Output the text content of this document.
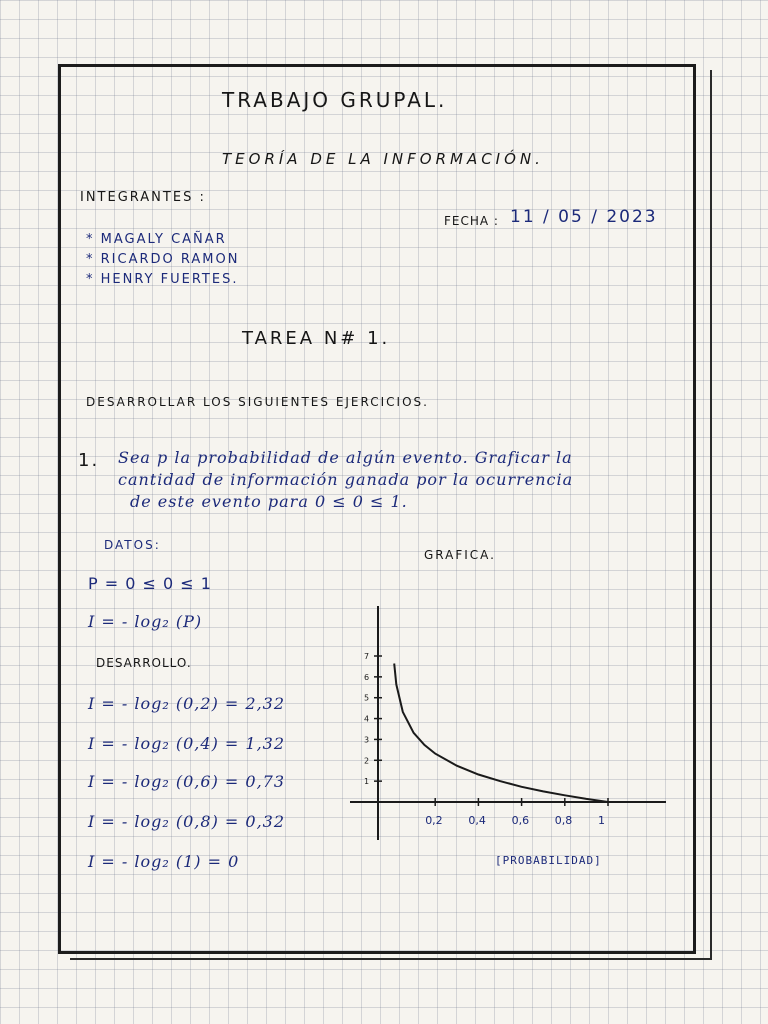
TRABAJO GRUPAL.
TEORÍA DE LA INFORMACIÓN.
INTEGRANTES :
FECHA : 11 / 05 / 2023
* MAGALY CAÑAR
* RICARDO RAMON
* HENRY FUERTES.
TAREA N# 1.
DESARROLLAR LOS SIGUIENTES EJERCICIOS.
1. Sea p la probabilidad de algún evento. Graficar la
cantidad de información ganada por la ocurrencia
de este evento para 0 ≤ 0 ≤ 1.
DATOS:
GRAFICA.
P = 0 ≤ 0 ≤ 1
I = - log₂ (P)
DESARROLLO.
I = - log₂ (0,2) = 2,32
I = - log₂ (0,4) = 1,32
I = - log₂ (0,6) = 0,73
I = - log₂ (0,8) = 0,32
I = - log₂ (1) = 0
1
2
3
4
5
6
7
0,2 0,4 0,6 0,8 1
[PROBABILIDAD]
